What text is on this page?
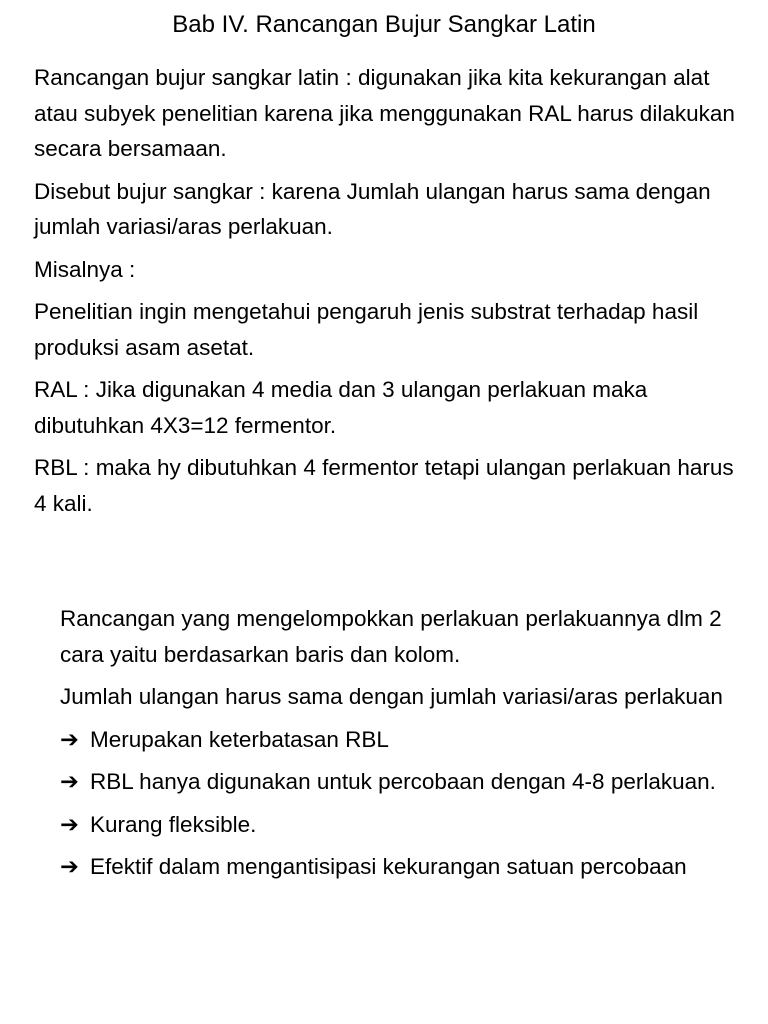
Bab IV. Rancangan Bujur Sangkar Latin

Rancangan bujur sangkar latin : digunakan jika kita kekurangan alat atau subyek penelitian karena jika menggunakan RAL harus dilakukan secara bersamaan.

Disebut bujur sangkar : karena Jumlah ulangan harus sama dengan jumlah variasi/aras perlakuan.

Misalnya :

Penelitian ingin mengetahui pengaruh jenis substrat terhadap hasil produksi asam asetat.

RAL : Jika digunakan 4 media dan 3 ulangan perlakuan maka dibutuhkan 4X3=12 fermentor.

RBL : maka hy dibutuhkan 4 fermentor tetapi ulangan perlakuan harus 4 kali.

Rancangan yang mengelompokkan perlakuan perlakuannya dlm 2 cara yaitu berdasarkan baris dan kolom.

Jumlah ulangan harus sama dengan jumlah variasi/aras perlakuan

➔ Merupakan keterbatasan RBL
➔ RBL hanya digunakan untuk percobaan dengan 4-8 perlakuan.
➔ Kurang fleksible.
➔ Efektif dalam mengantisipasi kekurangan satuan percobaan
